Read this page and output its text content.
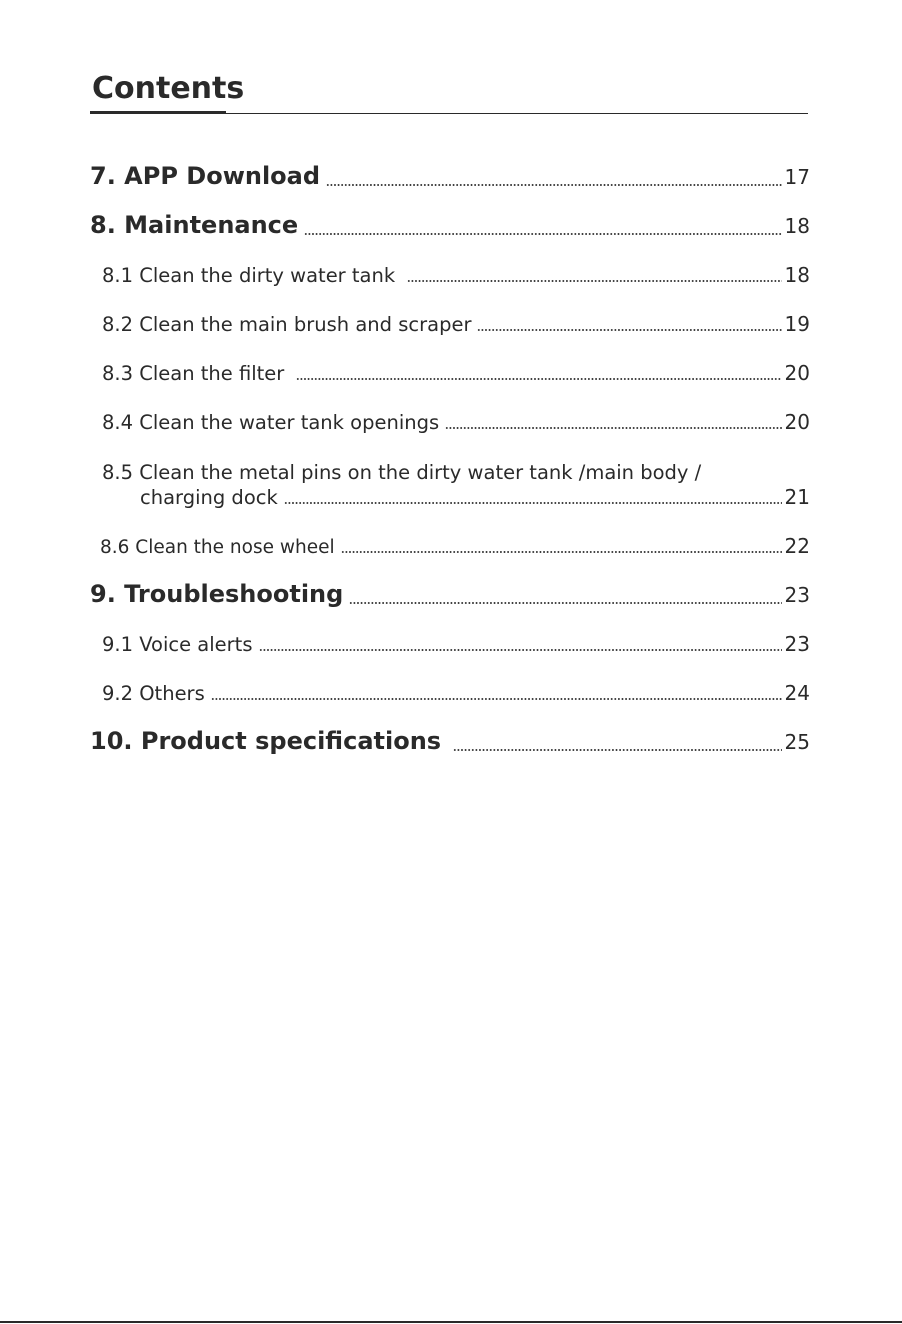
Contents
7. APP Download	17
8. Maintenance	18
8.1 Clean the dirty water tank	18
8.2 Clean the main brush and scraper	19
8.3 Clean the filter	20
8.4 Clean the water tank openings	20
8.5 Clean the metal pins on the dirty water tank /main body /
charging dock	21
8.6 Clean the nose wheel	22
9. Troubleshooting	23
9.1 Voice alerts	23
9.2 Others	24
10. Product specifications	25
